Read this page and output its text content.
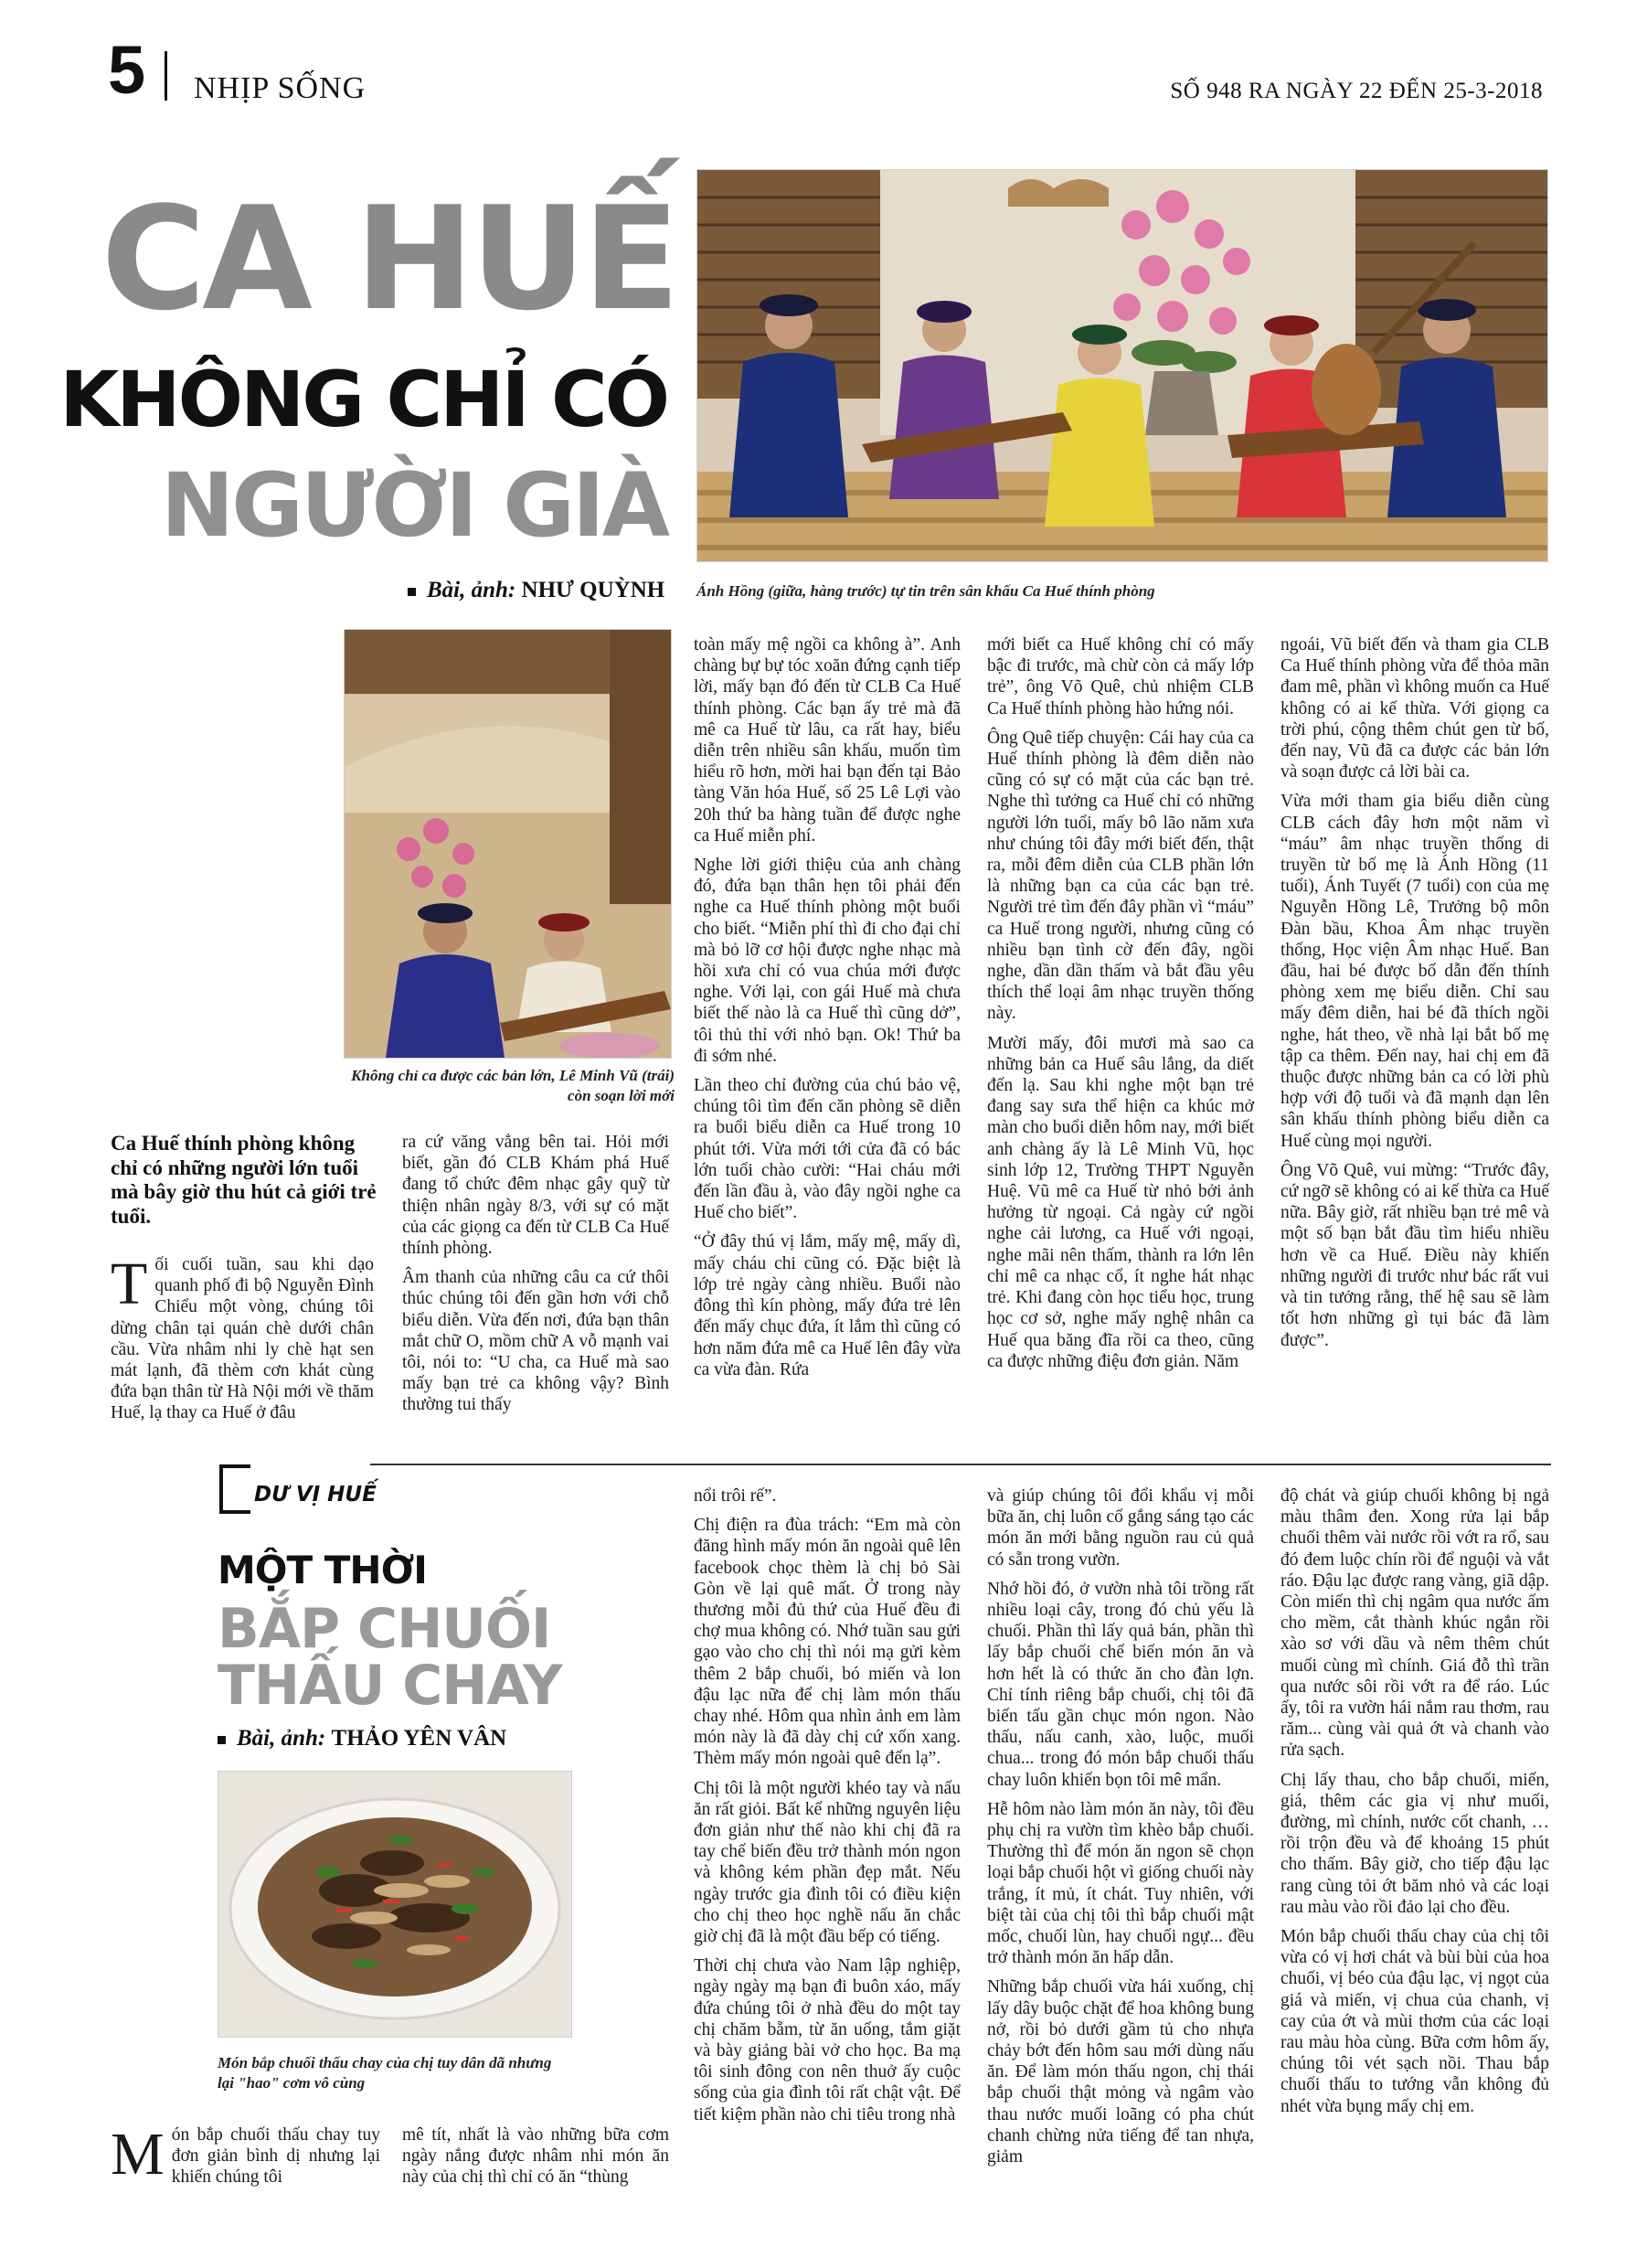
5 NHỊP SỐNG	SỐ 948 RA NGÀY 22 ĐẾN 25-3-2018
CA HUẾ
KHÔNG CHỈ CÓ
NGƯỜI GIÀ
Bài, ảnh: NHƯ QUỲNH Ánh Hồng (giữa, hàng trước) tự tin trên sân khấu Ca Huế thính phòng
Không chỉ ca được các bản lớn, Lê Minh Vũ (trái) còn soạn lời mới
Ca Huế thính phòng không chỉ có những người lớn tuổi mà bây giờ thu hút cả giới trẻ tuổi.

Tối cuối tuần, sau khi dạo quanh phố đi bộ Nguyễn Đình Chiểu một vòng, chúng tôi dừng chân tại quán chè dưới chân cầu. Vừa nhâm nhi ly chè hạt sen mát lạnh, đã thèm cơn khát cùng đứa bạn thân từ Hà Nội mới về thăm Huế, lạ thay ca Huế ở đâu

ra cứ văng vẳng bên tai. Hỏi mới biết, gần đó CLB Khám phá Huế đang tổ chức đêm nhạc gây quỹ từ thiện nhân ngày 8/3, với sự có mặt của các giọng ca đến từ CLB Ca Huế thính phòng.

Âm thanh của những câu ca cứ thôi thúc chúng tôi đến gần hơn với chỗ biểu diễn. Vừa đến nơi, đứa bạn thân mắt chữ O, mồm chữ A vỗ mạnh vai tôi, nói to: “U cha, ca Huế mà sao mấy bạn trẻ ca không vậy? Bình thường tui thấy

toàn mấy mệ ngồi ca không à”. Anh chàng bự bự tóc xoăn đứng cạnh tiếp lời, mấy bạn đó đến từ CLB Ca Huế thính phòng. Các bạn ấy trẻ mà đã mê ca Huế từ lâu, ca rất hay, biểu diễn trên nhiều sân khấu, muốn tìm hiểu rõ hơn, mời hai bạn đến tại Bảo tàng Văn hóa Huế, số 25 Lê Lợi vào 20h thứ ba hàng tuần để được nghe ca Huế miễn phí.

Nghe lời giới thiệu của anh chàng đó, đứa bạn thân hẹn tôi phải đến nghe ca Huế thính phòng một buổi cho biết. “Miễn phí thì đi cho đại chỉ mà bỏ lỡ cơ hội được nghe nhạc mà hồi xưa chỉ có vua chúa mới được nghe. Với lại, con gái Huế mà chưa biết thế nào là ca Huế thì cũng dở”, tôi thủ thỉ với nhỏ bạn. Ok! Thứ ba đi sớm nhé.

Lần theo chỉ đường của chú bảo vệ, chúng tôi tìm đến căn phòng sẽ diễn ra buổi biểu diễn ca Huế trong 10 phút tới. Vừa mới tới cửa đã có bác lớn tuổi chào cười: “Hai cháu mới đến lần đầu à, vào đây ngồi nghe ca Huế cho biết”.

“Ở đây thú vị lắm, mấy mệ, mấy dì, mấy cháu chi cũng có. Đặc biệt là lớp trẻ ngày càng nhiều. Buổi nào đông thì kín phòng, mấy đứa trẻ lên đến mấy chục đứa, ít lắm thì cũng có hơn năm đứa mê ca Huế lên đây vừa ca vừa đàn. Rứa

mới biết ca Huế không chỉ có mấy bậc đi trước, mà chừ còn cả mấy lớp trẻ”, ông Võ Quê, chủ nhiệm CLB Ca Huế thính phòng hào hứng nói.

Ông Quê tiếp chuyện: Cái hay của ca Huế thính phòng là đêm diễn nào cũng có sự có mặt của các bạn trẻ. Nghe thì tưởng ca Huế chỉ có những người lớn tuổi, mấy bô lão năm xưa như chúng tôi đây mới biết đến, thật ra, mỗi đêm diễn của CLB phần lớn là những bạn ca của các bạn trẻ. Người trẻ tìm đến đây phần vì “máu” ca Huế trong người, nhưng cũng có nhiều bạn tình cờ đến đây, ngồi nghe, dần dần thấm và bắt đầu yêu thích thể loại âm nhạc truyền thống này.

Mười mấy, đôi mươi mà sao ca những bản ca Huế sâu lắng, da diết đến lạ. Sau khi nghe một bạn trẻ đang say sưa thể hiện ca khúc mở màn cho buổi diễn hôm nay, mới biết anh chàng ấy là Lê Minh Vũ, học sinh lớp 12, Trường THPT Nguyễn Huệ. Vũ mê ca Huế từ nhỏ bởi ảnh hưởng từ ngoại. Cả ngày cứ ngồi nghe cải lương, ca Huế với ngoại, nghe mãi nên thấm, thành ra lớn lên chỉ mê ca nhạc cổ, ít nghe hát nhạc trẻ. Khi đang còn học tiểu học, trung học cơ sở, nghe mấy nghệ nhân ca Huế qua băng đĩa rồi ca theo, cũng ca được những điệu đơn giản. Năm

ngoái, Vũ biết đến và tham gia CLB Ca Huế thính phòng vừa để thỏa mãn đam mê, phần vì không muốn ca Huế không có ai kế thừa. Với giọng ca trời phú, cộng thêm chút gen từ bố, đến nay, Vũ đã ca được các bản lớn và soạn được cả lời bài ca.

Vừa mới tham gia biểu diễn cùng CLB cách đây hơn một năm vì “máu” âm nhạc truyền thống di truyền từ bố mẹ là Ánh Hồng (11 tuổi), Ánh Tuyết (7 tuổi) con của mẹ Nguyễn Hồng Lê, Trưởng bộ môn Đàn bầu, Khoa Âm nhạc truyền thống, Học viện Âm nhạc Huế. Ban đầu, hai bé được bố dẫn đến thính phòng xem mẹ biểu diễn. Chỉ sau mấy đêm diễn, hai bé đã thích ngồi nghe, hát theo, về nhà lại bắt bố mẹ tập ca thêm. Đến nay, hai chị em đã thuộc được những bản ca có lời phù hợp với độ tuổi và đã mạnh dạn lên sân khấu thính phòng biểu diễn ca Huế cùng mọi người.

Ông Võ Quê, vui mừng: “Trước đây, cứ ngỡ sẽ không có ai kế thừa ca Huế nữa. Bây giờ, rất nhiều bạn trẻ mê và một số bạn bắt đầu tìm hiểu nhiều hơn về ca Huế. Điều này khiến những người đi trước như bác rất vui và tin tưởng rằng, thế hệ sau sẽ làm tốt hơn những gì tụi bác đã làm được”.

DƯ VỊ HUẾ
MỘT THỜI
BẮP CHUỐI
THẤU CHAY
Bài, ảnh: THẢO YÊN VÂN
Món bắp chuối thấu chay của chị tuy dân dã nhưng lại "hao" cơm vô cùng

Món bắp chuối thấu chay tuy đơn giản bình dị nhưng lại khiến chúng tôi

mê tít, nhất là vào những bữa cơm ngày nắng được nhâm nhi món ăn này của chị thì chỉ có ăn “thùng

nổi trôi rế”.

Chị điện ra đùa trách: “Em mà còn đăng hình mấy món ăn ngoài quê lên facebook chọc thèm là chị bỏ Sài Gòn về lại quê mất. Ở trong này thương mỗi đủ thứ của Huế đều đi chợ mua không có. Nhớ tuần sau gửi gạo vào cho chị thì nói mạ gửi kèm thêm 2 bắp chuối, bó miến và lon đậu lạc nữa để chị làm món thấu chay nhé. Hôm qua nhìn ảnh em làm món này là đã dày chị cứ xốn xang. Thèm mấy món ngoài quê đến lạ”.

Chị tôi là một người khéo tay và nấu ăn rất giỏi. Bất kể những nguyên liệu đơn giản như thế nào khi chị đã ra tay chế biến đều trở thành món ngon và không kém phần đẹp mắt. Nếu ngày trước gia đình tôi có điều kiện cho chị theo học nghề nấu ăn chắc giờ chị đã là một đầu bếp có tiếng.

Thời chị chưa vào Nam lập nghiệp, ngày ngày mạ bạn đi buôn xáo, mấy đứa chúng tôi ở nhà đều do một tay chị chăm bẵm, từ ăn uống, tắm giặt và bày giảng bài vở cho học. Ba mạ tôi sinh đông con nên thuở ấy cuộc sống của gia đình tôi rất chật vật. Để tiết kiệm phần nào chi tiêu trong nhà

và giúp chúng tôi đổi khẩu vị mỗi bữa ăn, chị luôn cố gắng sáng tạo các món ăn mới bằng nguồn rau củ quả có sẵn trong vườn.

Nhớ hồi đó, ở vườn nhà tôi trồng rất nhiều loại cây, trong đó chủ yếu là chuối. Phần thì lấy quả bán, phần thì lấy bắp chuối chế biến món ăn và hơn hết là có thức ăn cho đàn lợn. Chỉ tính riêng bắp chuối, chị tôi đã biến tấu gần chục món ngon. Nào thấu, nấu canh, xào, luộc, muối chua... trong đó món bắp chuối thấu chay luôn khiến bọn tôi mê mẩn.

Hễ hôm nào làm món ăn này, tôi đều phụ chị ra vườn tìm khèo bắp chuối. Thường thì để món ăn ngon sẽ chọn loại bắp chuối hột vì giống chuối này trắng, ít mủ, ít chát. Tuy nhiên, với biệt tài của chị tôi thì bắp chuối mật mốc, chuối lùn, hay chuối ngự... đều trở thành món ăn hấp dẫn.

Những bắp chuối vừa hái xuống, chị lấy dây buộc chặt để hoa không bung nở, rồi bỏ dưới gầm tủ cho nhựa chảy bớt đến hôm sau mới dùng nấu ăn. Để làm món thấu ngon, chị thái bắp chuối thật mỏng và ngâm vào thau nước muối loãng có pha chút chanh chừng nửa tiếng để tan nhựa, giảm

độ chát và giúp chuối không bị ngả màu thâm đen. Xong rửa lại bắp chuối thêm vài nước rồi vớt ra rổ, sau đó đem luộc chín rồi để nguội và vắt ráo. Đậu lạc được rang vàng, giã dập. Còn miến thì chị ngâm qua nước ấm cho mềm, cắt thành khúc ngắn rồi xào sơ với dầu và nêm thêm chút muối cùng mì chính. Giá đỗ thì trần qua nước sôi rồi vớt ra để ráo. Lúc ấy, tôi ra vườn hái nắm rau thơm, rau răm... cùng vài quả ớt và chanh vào rửa sạch.

Chị lấy thau, cho bắp chuối, miến, giá, thêm các gia vị như muối, đường, mì chính, nước cốt chanh, … rồi trộn đều và để khoảng 15 phút cho thấm. Bây giờ, cho tiếp đậu lạc rang cùng tỏi ớt băm nhỏ và các loại rau màu vào rồi đảo lại cho đều.

Món bắp chuối thấu chay của chị tôi vừa có vị hơi chát và bùi bùi của hoa chuối, vị béo của đậu lạc, vị ngọt của giá và miến, vị chua của chanh, vị cay của ớt và mùi thơm của các loại rau màu hòa cùng. Bữa cơm hôm ấy, chúng tôi vét sạch nồi. Thau bắp chuối thấu to tướng vẫn không đủ nhét vừa bụng mấy chị em.
